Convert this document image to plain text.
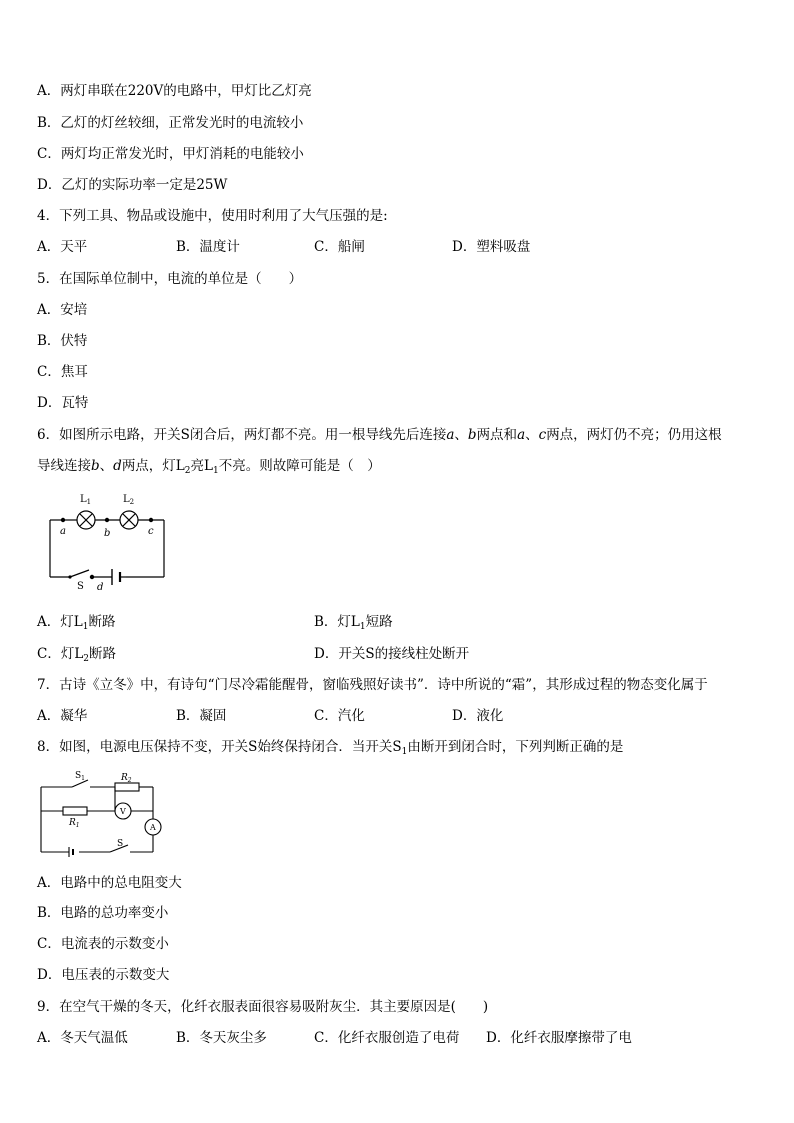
A．两灯串联在220V的电路中，甲灯比乙灯亮
B．乙灯的灯丝较细，正常发光时的电流较小
C．两灯均正常发光时，甲灯消耗的电能较小
D．乙灯的实际功率一定是25W
4．下列工具、物品或设施中，使用时利用了大气压强的是:
A．天平	B．温度计	C．船闸	D．塑料吸盘
5．在国际单位制中，电流的单位是（　　）
A．安培
B．伏特
C．焦耳
D．瓦特
6．如图所示电路，开关S闭合后，两灯都不亮。用一根导线先后连接a、b两点和a、c两点，两灯仍不亮；仍用这根
导线连接b、d两点，灯$L_2$亮$L_1$不亮。则故障可能是（　）
$L_1$	$L_2$
a	b	c
S d
A．灯$L_1$断路	B．灯$L_1$短路
C．灯$L_2$断路	D．开关S的接线柱处断开
7．古诗《立冬》中，有诗句“门尽冷霜能醒骨，窗临残照好读书”．诗中所说的“霜”，其形成过程的物态变化属于
A．凝华	B．凝固	C．汽化	D．液化
8．如图，电源电压保持不变，开关S始终保持闭合．当开关$S_1$由断开到闭合时，下列判断正确的是
$S_1$	$R_2$
$R_1$
V
A
S
A．电路中的总电阻变大
B．电路的总功率变小
C．电流表的示数变小
D．电压表的示数变大
9．在空气干燥的冬天，化纤衣服表面很容易吸附灰尘．其主要原因是(　　)
A．冬天气温低	B．冬天灰尘多	C．化纤衣服创造了电荷 D．化纤衣服摩擦带了电
